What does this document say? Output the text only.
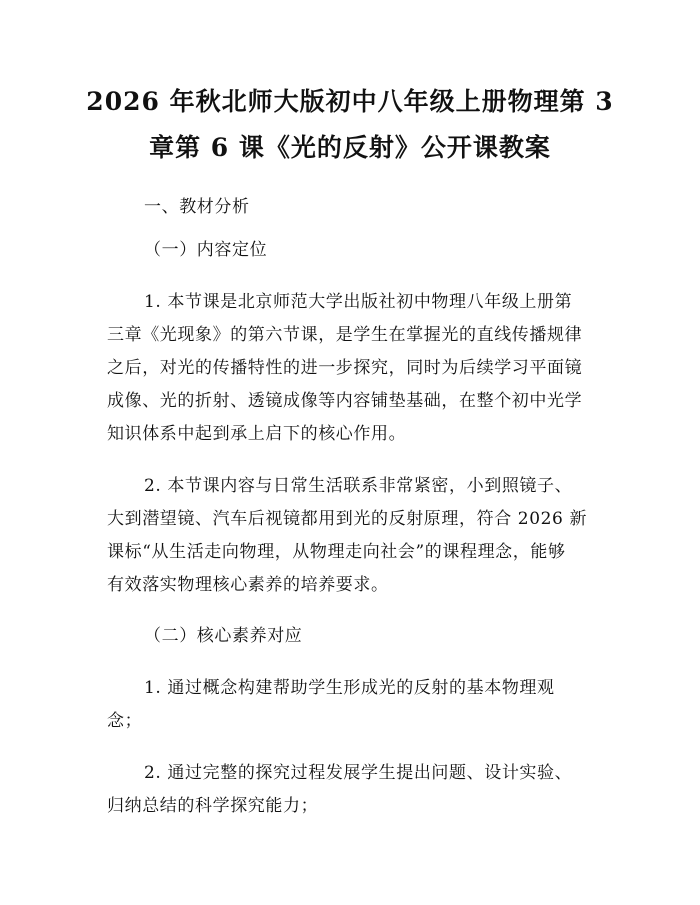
2026 年秋北师大版初中八年级上册物理第 3
章第 6 课《光的反射》公开课教案

一、教材分析

（一）内容定位

1. 本节课是北京师范大学出版社初中物理八年级上册第

三章《光现象》的第六节课，是学生在掌握光的直线传播规律

之后，对光的传播特性的进一步探究，同时为后续学习平面镜

成像、光的折射、透镜成像等内容铺垫基础，在整个初中光学

知识体系中起到承上启下的核心作用。

2. 本节课内容与日常生活联系非常紧密，小到照镜子、

大到潜望镜、汽车后视镜都用到光的反射原理，符合 2026 新

课标“从生活走向物理，从物理走向社会”的课程理念，能够

有效落实物理核心素养的培养要求。

（二）核心素养对应

1. 通过概念构建帮助学生形成光的反射的基本物理观

念；

2. 通过完整的探究过程发展学生提出问题、设计实验、

归纳总结的科学探究能力；
